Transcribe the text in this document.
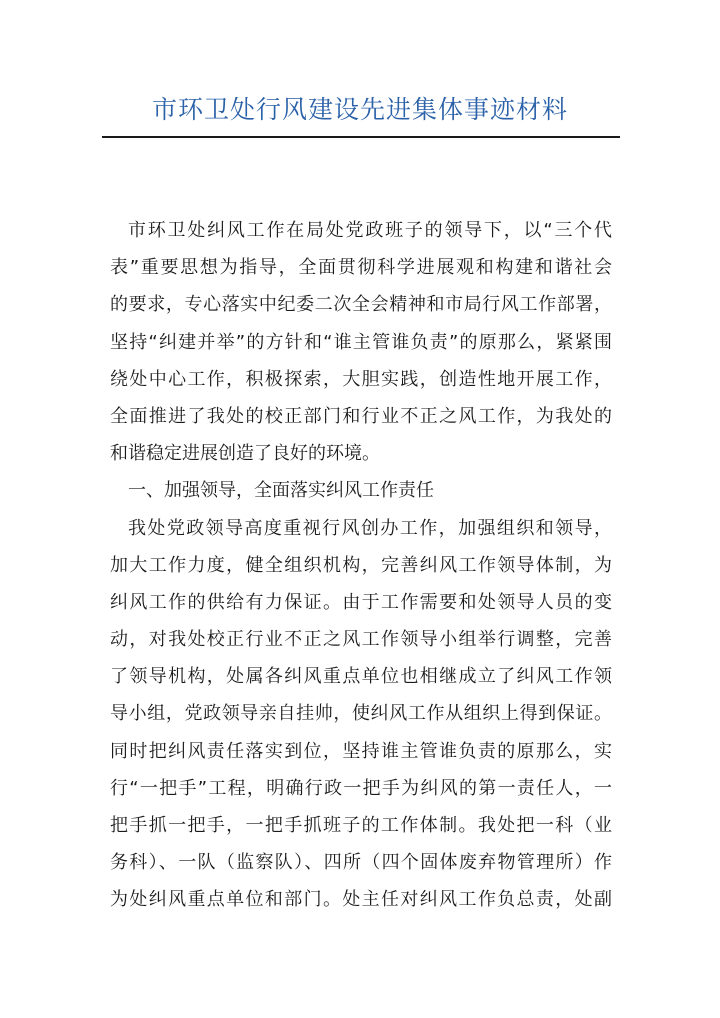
市环卫处行风建设先进集体事迹材料
市环卫处纠风工作在局处党政班子的领导下，以“三个代
表”重要思想为指导，全面贯彻科学进展观和构建和谐社会
的要求，专心落实中纪委二次全会精神和市局行风工作部署，
坚持“纠建并举”的方针和“谁主管谁负责”的原那么，紧紧围
绕处中心工作，积极探索，大胆实践，创造性地开展工作，
全面推进了我处的校正部门和行业不正之风工作，为我处的
和谐稳定进展创造了良好的环境。
一、加强领导，全面落实纠风工作责任
我处党政领导高度重视行风创办工作，加强组织和领导，
加大工作力度，健全组织机构，完善纠风工作领导体制，为
纠风工作的供给有力保证。由于工作需要和处领导人员的变
动，对我处校正行业不正之风工作领导小组举行调整，完善
了领导机构，处属各纠风重点单位也相继成立了纠风工作领
导小组，党政领导亲自挂帅，使纠风工作从组织上得到保证。
同时把纠风责任落实到位，坚持谁主管谁负责的原那么，实
行“一把手”工程，明确行政一把手为纠风的第一责任人，一
把手抓一把手，一把手抓班子的工作体制。我处把一科（业
务科）、一队（监察队）、四所（四个固体废弃物管理所）作
为处纠风重点单位和部门。处主任对纠风工作负总责，处副
